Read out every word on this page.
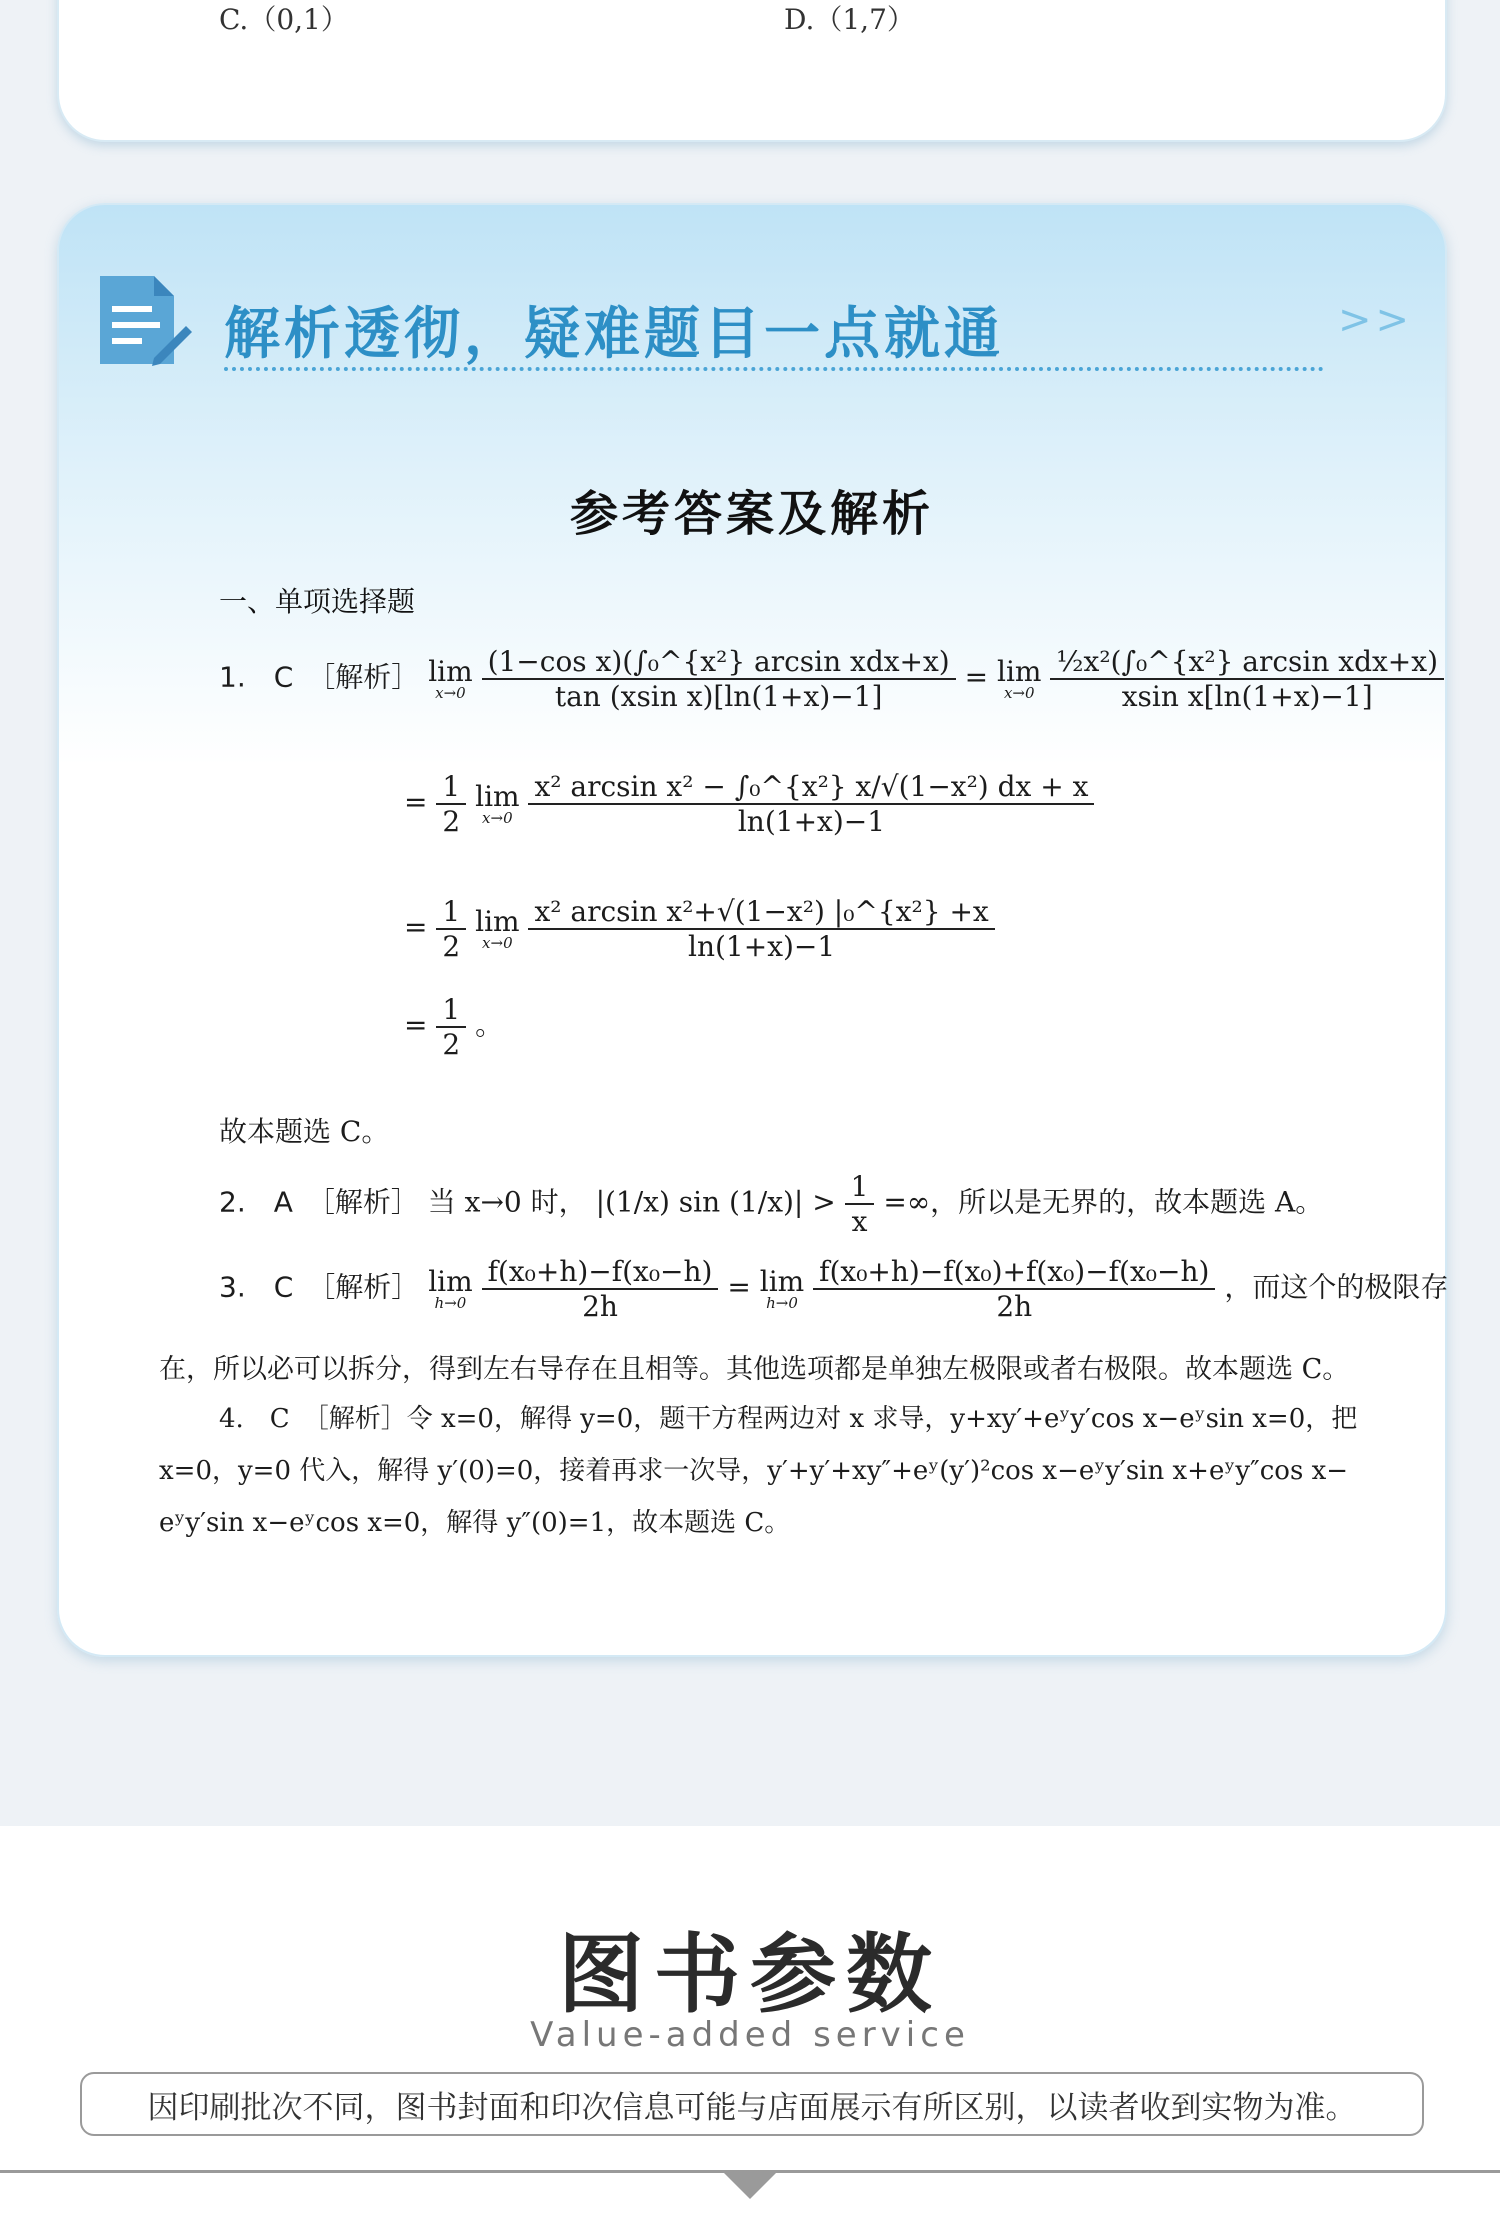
C.（0,1）	D.（1,7）
解析透彻，疑难题目一点就通	>>
参考答案及解析
一、单项选择题
1.　C　［解析］ lim
x→0
$\frac{\text{(1−cos x)(∫₀\textasciicircum{}\{x²\} arcsin xdx+x)}}{\text{tan (xsin x)[ln(1+x)−1]}} = \lim$
x→0
$\frac{\text{½x²(∫₀\textasciicircum{}\{x²\} arcsin xdx+x)}}{\text{xsin x[ln(1+x)−1]}}$
= $\frac{1}{2}$ lim
x→0
$\frac{\text{x² arcsin x² − ∫₀\textasciicircum{}\{x²\} x/√(1−x²) dx + x}}{\ln(1+x)-1}$
= $\frac{1}{2}$ lim
x→0
$\frac{\text{x² arcsin x²+√(1−x²) |₀\textasciicircum{}\{x²\} +x}}{\ln(1+x)-1}$
= $\frac{1}{2}$ 。
故本题选 C。
2.　A　［解析］ 当 x→0 时， |(1/x) $\sin (1/x)| > \frac{1}{x}$ =∞，所以是无界的，故本题选 A。
3.　C　［解析］ lim
h→0
$\frac{\text{f(x₀+h)−f(x₀−h)}}{2h} = \lim$
h→0
$\frac{\text{f(x₀+h)−f(x₀)+f(x₀)−f(x₀−h)}}{2h}$ ，而这个的极限存
在，所以必可以拆分，得到左右导存在且相等。其他选项都是单独左极限或者右极限。故本题选 C。
4.　C　［解析］令 x=0，解得 y=0，题干方程两边对 x 求导，y+xy′+eʸy′cos x−eʸsin x=0，把
x=0，y=0 代入，解得 y′(0)=0，接着再求一次导，y′+y′+xy″+eʸ(y′)²cos x−eʸy′sin x+eʸy″cos x−
eʸy′sin x−eʸcos x=0，解得 y″(0)=1，故本题选 C。
图书参数
Value-added service
因印刷批次不同，图书封面和印次信息可能与店面展示有所区别，以读者收到实物为准。
